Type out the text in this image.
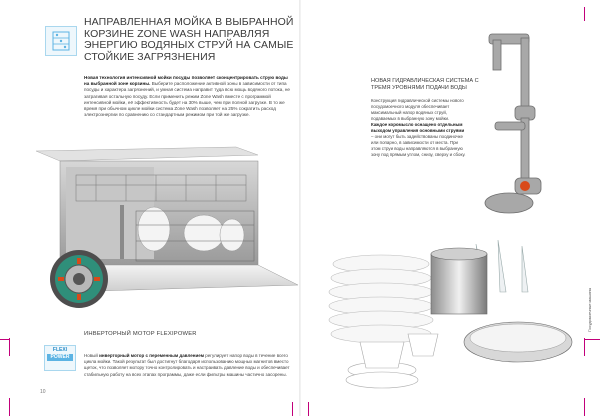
НАПРАВЛЕННАЯ МОЙКА В ВЫБРАННОЙ КОРЗИНЕ ZONE WASH НАПРАВЛЯЯ ЭНЕРГИЮ ВОДЯНЫХ СТРУЙ НА САМЫЕ СТОЙКИЕ ЗАГРЯЗНЕНИЯ
Новая технология интенсивной мойки посуды позволяет сконцентрировать струю воды на выбранной зоне корзины. Выберите расположение активной зоны в зависимости от типа посуды и характера загрязнений, и умная система направит туда всю мощь водяного потока, не затрагивая остальную посуду. Если применить режим Zone Wash вместе с программой интенсивной мойки, её эффективность будет на 30% выше, чем при полной загрузке. В то же время при обычном цикле мойки система Zone Wash позволяет на 25% сократить расход электроэнергии по сравнению со стандартным режимом при той же загрузке.
ИНВЕРТОРНЫЙ МОТОР FLEXIPOWER
FLEXI
POWER	Новый инверторный мотор с переменным давлением регулирует напор воды в течение всего цикла мойки. Такой результат был достигнут благодаря использованию мощных магнитов вместо щеток, что позволяет мотору точно контролировать и настраивать давление воды и обеспечивает стабильную работу на всех этапах программы, даже если фильтры машины частично засорены.
10
НОВАЯ ГИДРАВЛИЧЕСКАЯ СИСТЕМА С ТРЕМЯ УРОВНЯМИ ПОДАЧИ ВОДЫ
Конструкция гидравлической системы нового посудомоечного модуля обеспечивает максимальный напор водяных струй, подаваемых в выбранную зону мойки. Каждое коромысло оснащено отдельным выходом управления основными струями – они могут быть задействованы поодиночке или попарно, в зависимости от места. При этом струи воды направляются в выбранную зону под прямым углом, снизу, сверху и сбоку.
Посудомоечные машины
